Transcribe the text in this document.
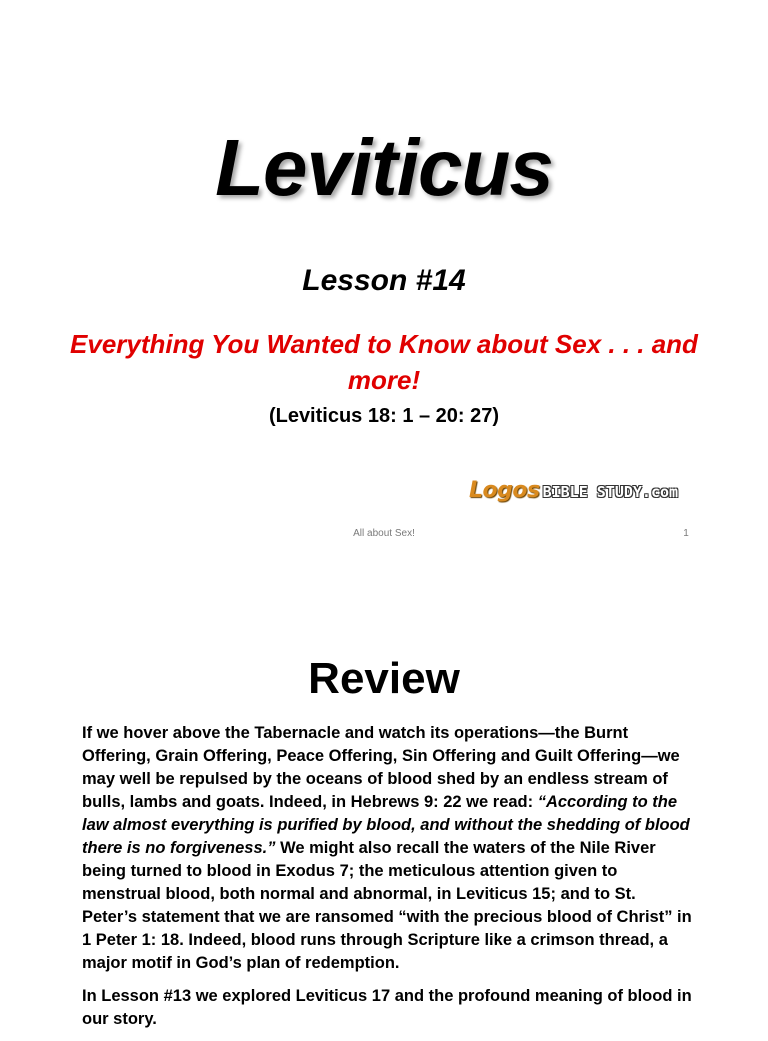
Leviticus
Lesson #14
Everything You Wanted to Know about Sex . . . and more!
(Leviticus 18: 1 – 20: 27)
Logos BIBLE STUDY.com
All about Sex!	1
Review

If we hover above the Tabernacle and watch its operations—the Burnt Offering, Grain Offering, Peace Offering, Sin Offering and Guilt Offering—we may well be repulsed by the oceans of blood shed by an endless stream of bulls, lambs and goats. Indeed, in Hebrews 9: 22 we read: “According to the law almost everything is purified by blood, and without the shedding of blood there is no forgiveness.” We might also recall the waters of the Nile River being turned to blood in Exodus 7; the meticulous attention given to menstrual blood, both normal and abnormal, in Leviticus 15; and to St. Peter’s statement that we are ransomed “with the precious blood of Christ” in 1 Peter 1: 18. Indeed, blood runs through Scripture like a crimson thread, a major motif in God’s plan of redemption.

In Lesson #13 we explored Leviticus 17 and the profound meaning of blood in our story.
